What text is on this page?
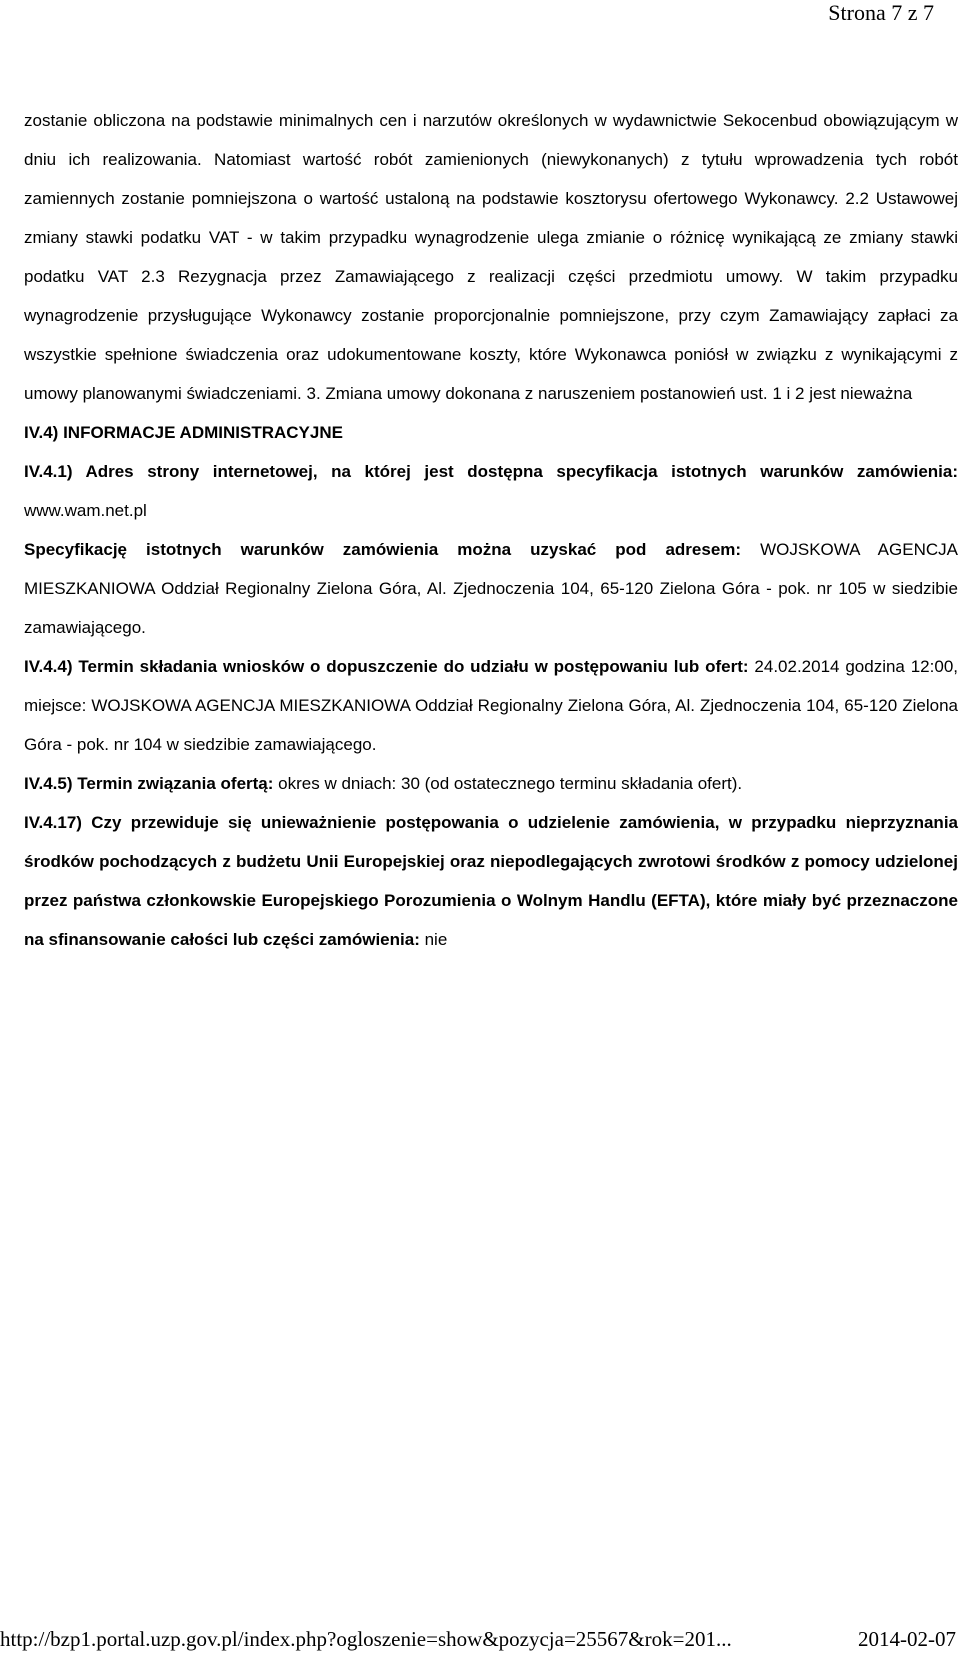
Strona 7 z 7

zostanie obliczona na podstawie minimalnych cen i narzutów określonych w wydawnictwie Sekocenbud obowiązującym w dniu ich realizowania. Natomiast wartość robót zamienionych (niewykonanych) z tytułu wprowadzenia tych robót zamiennych zostanie pomniejszona o wartość ustaloną na podstawie kosztorysu ofertowego Wykonawcy. 2.2 Ustawowej zmiany stawki podatku VAT - w takim przypadku wynagrodzenie ulega zmianie o różnicę wynikającą ze zmiany stawki podatku VAT 2.3 Rezygnacja przez Zamawiającego z realizacji części przedmiotu umowy. W takim przypadku wynagrodzenie przysługujące Wykonawcy zostanie proporcjonalnie pomniejszone, przy czym Zamawiający zapłaci za wszystkie spełnione świadczenia oraz udokumentowane koszty, które Wykonawca poniósł w związku z wynikającymi z umowy planowanymi świadczeniami. 3. Zmiana umowy dokonana z naruszeniem postanowień ust. 1 i 2 jest nieważna

IV.4) INFORMACJE ADMINISTRACYJNE

IV.4.1) Adres strony internetowej, na której jest dostępna specyfikacja istotnych warunków zamówienia: www.wam.net.pl

Specyfikację istotnych warunków zamówienia można uzyskać pod adresem: WOJSKOWA AGENCJA MIESZKANIOWA Oddział Regionalny Zielona Góra, Al. Zjednoczenia 104, 65-120 Zielona Góra - pok. nr 105 w siedzibie zamawiającego.

IV.4.4) Termin składania wniosków o dopuszczenie do udziału w postępowaniu lub ofert: 24.02.2014 godzina 12:00, miejsce: WOJSKOWA AGENCJA MIESZKANIOWA Oddział Regionalny Zielona Góra, Al. Zjednoczenia 104, 65-120 Zielona Góra - pok. nr 104 w siedzibie zamawiającego.

IV.4.5) Termin związania ofertą: okres w dniach: 30 (od ostatecznego terminu składania ofert).

IV.4.17) Czy przewiduje się unieważnienie postępowania o udzielenie zamówienia, w przypadku nieprzyznania środków pochodzących z budżetu Unii Europejskiej oraz niepodlegających zwrotowi środków z pomocy udzielonej przez państwa członkowskie Europejskiego Porozumienia o Wolnym Handlu (EFTA), które miały być przeznaczone na sfinansowanie całości lub części zamówienia: nie

http://bzp1.portal.uzp.gov.pl/index.php?ogloszenie=show&pozycja=25567&rok=201...	2014-02-07
